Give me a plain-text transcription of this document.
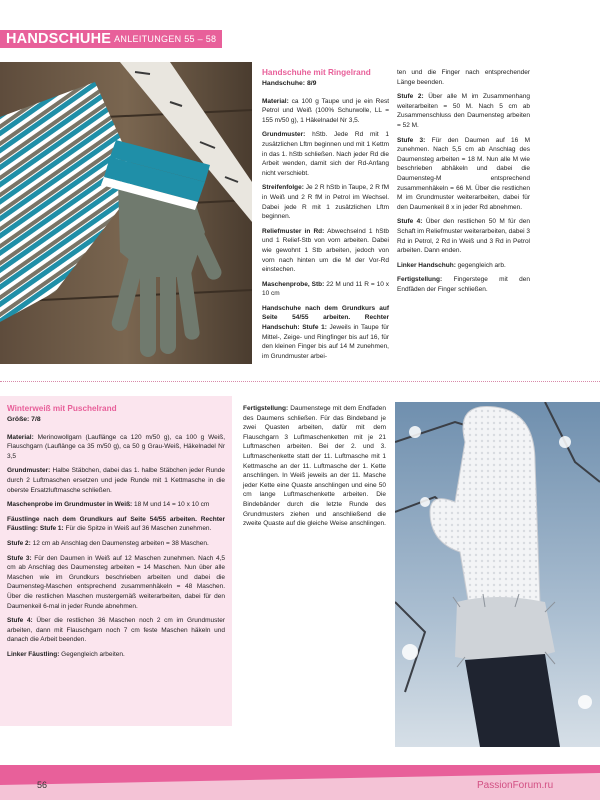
HANDSCHUHE ANLEITUNGEN 55 – 58
Handschuhe mit Ringelrand
Handschuhe: 8/9

Material: ca 100 g Taupe und je ein Rest Petrol und Weiß (100% Schurwolle, LL = 155 m/50 g), 1 Häkelnadel Nr 3,5.

Grundmuster: hStb. Jede Rd mit 1 zusätzlichen Lftm beginnen und mit 1 Kettm in das 1. hStb schließen. Nach jeder Rd die Arbeit wenden, damit sich der Rd-Anfang nicht verschiebt.

Streifenfolge: Je 2 R hStb in Taupe, 2 R fM in Weiß und 2 R fM in Petrol im Wechsel. Dabei jede R mit 1 zusätzlichen Lftm beginnen.

Reliefmuster in Rd: Abwechselnd 1 hStb und 1 Relief-Stb von vorn arbeiten. Dabei wie gewohnt 1 Stb arbeiten, jedoch von vorn nach hinten um die M der Vor-Rd einstechen.

Maschenprobe, Stb: 22 M und 11 R = 10 x 10 cm

Handschuhe nach dem Grundkurs auf Seite 54/55 arbeiten. Rechter Handschuh: Stufe 1: Jeweils in Taupe für Mittel-, Zeige- und Ringfinger bis auf 16, für den kleinen Finger bis auf 14 M zunehmen, im Grundmuster arbei-

ten und die Finger nach entsprechender Länge beenden.

Stufe 2: Über alle M im Zusammenhang weiterarbeiten = 50 M. Nach 5 cm ab Zusammenschluss den Daumensteg arbeiten = 52 M.

Stufe 3: Für den Daumen auf 16 M zunehmen. Nach 5,5 cm ab Anschlag des Daumensteg arbeiten = 18 M. Nun alle M wie beschrieben abhäkeln und dabei die Daumensteg-M entsprechend zusammenhäkeln = 66 M. Über die restlichen M im Grundmuster weiterarbeiten, dabei für den Daumenkeil 8 x in jeder Rd abnehmen.

Stufe 4: Über den restlichen 50 M für den Schaft im Reliefmuster weiterarbeiten, dabei 3 Rd in Petrol, 2 Rd in Weiß und 3 Rd in Petrol arbeiten. Dann enden.

Linker Handschuh: gegengleich arb.

Fertigstellung: Fingerstege mit den Endfäden der Finger schließen.

Winterweiß mit Puschelrand
Größe: 7/8

Material: Merinowollgarn (Lauflänge ca 120 m/50 g), ca 100 g Weiß, Flauschgarn (Lauflänge ca 35 m/50 g), ca 50 g Grau-Weiß, Häkelnadel Nr 3,5

Grundmuster: Halbe Stäbchen, dabei das 1. halbe Stäbchen jeder Runde durch 2 Luftmaschen ersetzen und jede Runde mit 1 Kettmasche in die oberste Ersatzluftmasche schließen.

Maschenprobe im Grundmuster in Weiß: 18 M und 14 = 10 x 10 cm

Fäustlinge nach dem Grundkurs auf Seite 54/55 arbeiten. Rechter Fäustling: Stufe 1: Für die Spitze in Weiß auf 36 Maschen zunehmen.

Stufe 2: 12 cm ab Anschlag den Daumensteg arbeiten = 38 Maschen.

Stufe 3: Für den Daumen in Weiß auf 12 Maschen zunehmen. Nach 4,5 cm ab Anschlag des Daumensteg arbeiten = 14 Maschen. Nun über alle Maschen wie im Grundkurs beschrieben arbeiten und dabei die Daumensteg-Maschen entsprechend zusammenhäkeln = 48 Maschen. Über die restlichen Maschen mustergemäß weiterarbeiten, dabei für den Daumenkeil 6-mal in jeder Runde abnehmen.

Stufe 4: Über die restlichen 36 Maschen noch 2 cm im Grundmuster arbeiten, dann mit Flauschgarn noch 7 cm feste Maschen häkeln und danach die Arbeit beenden.

Linker Fäustling: Gegengleich arbeiten.

Fertigstellung: Daumenstege mit dem Endfaden des Daumens schließen. Für das Bindeband je zwei Quasten arbeiten, dafür mit dem Flauschgarn 3 Luftmaschenketten mit je 21 Luftmaschen arbeiten. Bei der 2. und 3. Luftmaschenkette statt der 11. Luftmasche mit 1 Kettmasche an der 11. Luftmasche der 1. Kette anschlingen. In Weiß jeweils an der 11. Masche jeder Kette eine Quaste anschlingen und eine 50 cm lange Luftmaschenkette arbeiten. Die Bindebänder durch die letzte Runde des Grundmusters ziehen und anschließend die zweite Quaste auf die gleiche Weise anschlingen.

56	PassionForum.ru
